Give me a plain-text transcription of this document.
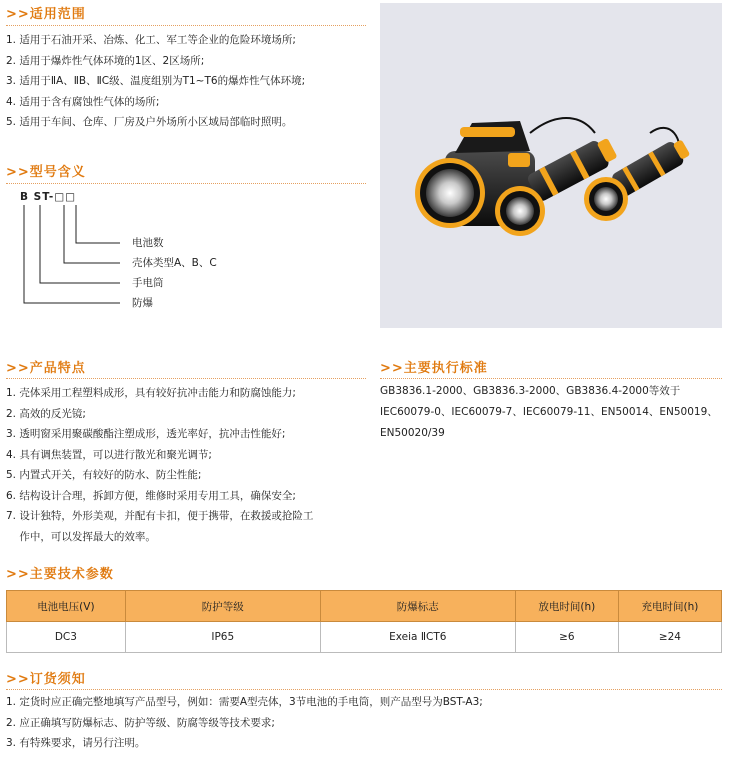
>>适用范围
1. 适用于石油开采、冶炼、化工、军工等企业的危险环境场所;
2. 适用于爆炸性气体环境的1区、2区场所;
3. 适用于ⅡA、ⅡB、ⅡC级、温度组别为T1~T6的爆炸性气体环境;
4. 适用于含有腐蚀性气体的场所;
5. 适用于车间、仓库、厂房及户外场所小区域局部临时照明。
>>型号含义
B ST-□□
电池数
壳体类型A、B、C
手电筒
防爆
>>产品特点
1. 壳体采用工程塑料成形，具有较好抗冲击能力和防腐蚀能力;
2. 高效的反光镜;
3. 透明窗采用聚碳酸酯注塑成形，透光率好，抗冲击性能好;
4. 具有调焦装置，可以进行散光和聚光调节;
5. 内置式开关，有较好的防水、防尘性能;
6. 结构设计合理，拆卸方便，维修时采用专用工具，确保安全;
7. 设计独特，外形美观，并配有卡扣，便于携带，在救援或抢险工
作中，可以发挥最大的效率。
>>主要执行标准
GB3836.1-2000、GB3836.3-2000、GB3836.4-2000等效于IEC60079-0、IEC60079-7、IEC60079-11、EN50014、EN50019、EN50020/39
>>主要技术参数
电池电压(V)	防护等级	防爆标志	放电时间(h)	充电时间(h)
DC3	IP65	Exeia ⅡCT6	≥6	≥24
>>订货须知
1. 定货时应正确完整地填写产品型号，例如：需要A型壳体，3节电池的手电筒，则产品型号为BST-A3;
2. 应正确填写防爆标志、防护等级、防腐等级等技术要求;
3. 有特殊要求，请另行注明。
